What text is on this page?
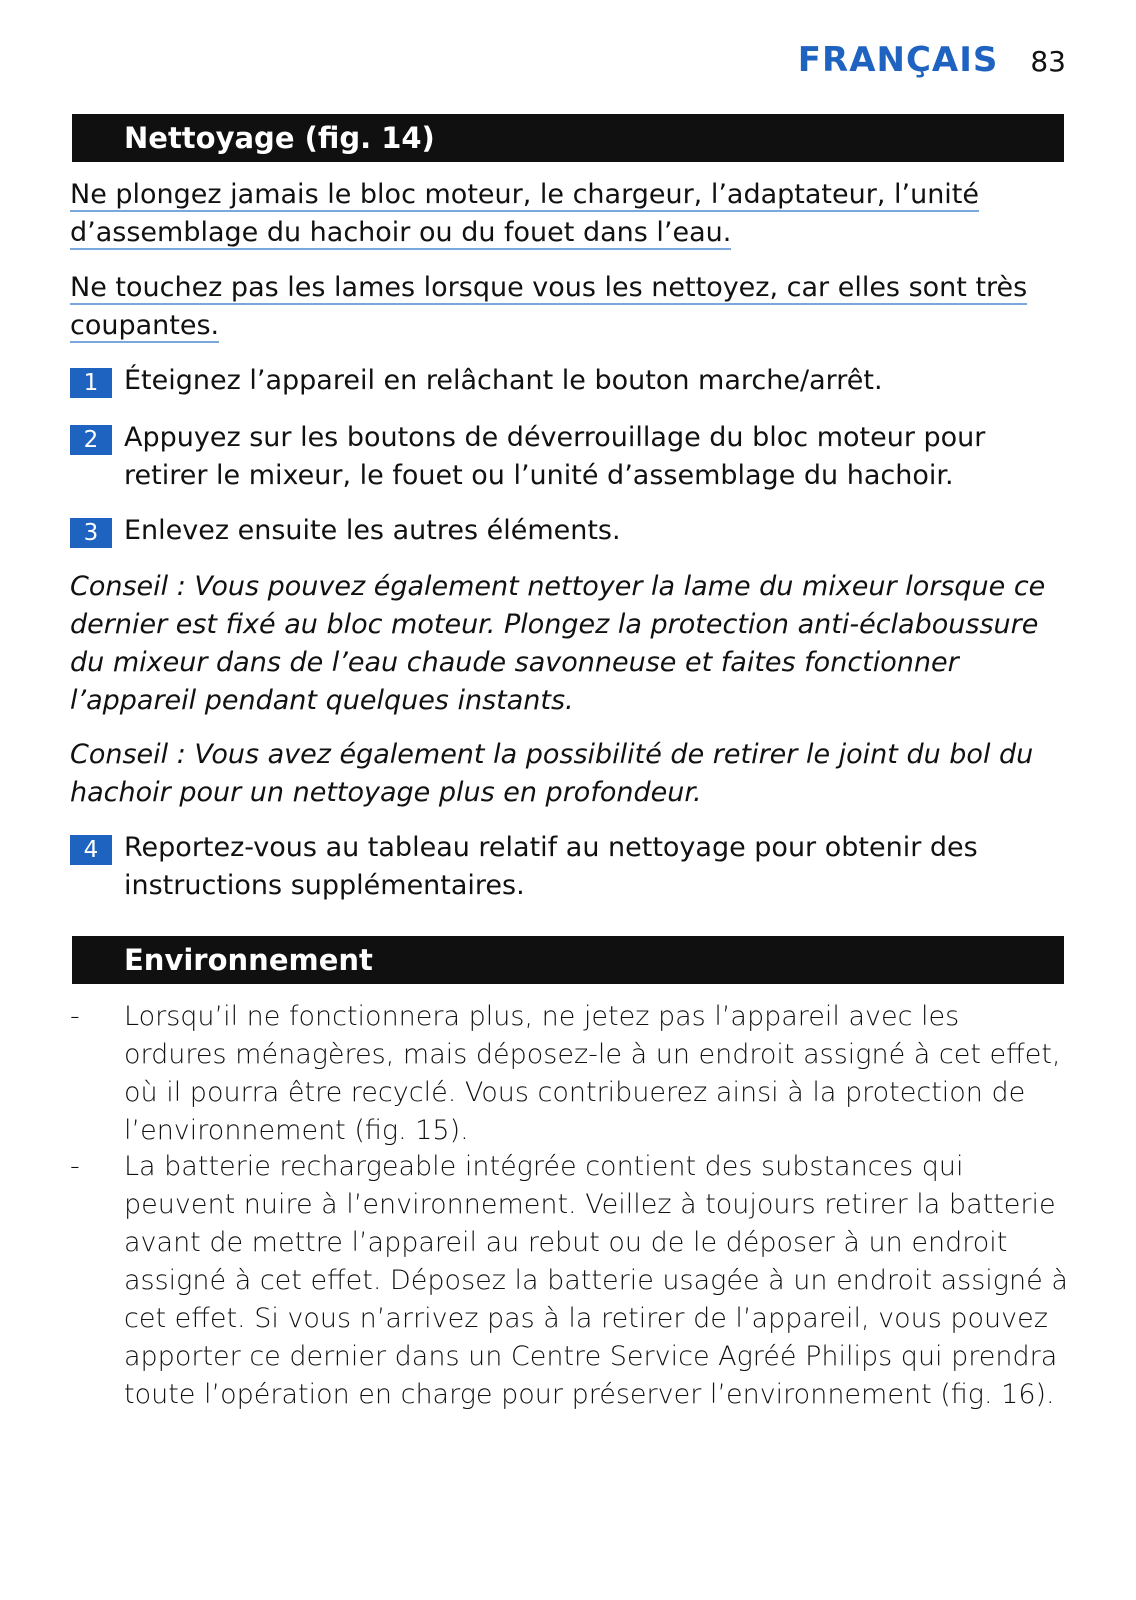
FRANÇAIS 83
Nettoyage (fig. 14)
Ne plongez jamais le bloc moteur, le chargeur, l’adaptateur, l’unité d’assemblage du hachoir ou du fouet dans l’eau.
Ne touchez pas les lames lorsque vous les nettoyez, car elles sont très coupantes.
1 Éteignez l’appareil en relâchant le bouton marche/arrêt.
2 Appuyez sur les boutons de déverrouillage du bloc moteur pour retirer le mixeur, le fouet ou l’unité d’assemblage du hachoir.
3 Enlevez ensuite les autres éléments.
Conseil : Vous pouvez également nettoyer la lame du mixeur lorsque ce dernier est fixé au bloc moteur. Plongez la protection anti-éclaboussure du mixeur dans de l’eau chaude savonneuse et faites fonctionner l’appareil pendant quelques instants.
Conseil : Vous avez également la possibilité de retirer le joint du bol du hachoir pour un nettoyage plus en profondeur.
4 Reportez-vous au tableau relatif au nettoyage pour obtenir des instructions supplémentaires.
Environnement
- Lorsqu’il ne fonctionnera plus, ne jetez pas l’appareil avec les ordures ménagères, mais déposez-le à un endroit assigné à cet effet, où il pourra être recyclé. Vous contribuerez ainsi à la protection de l’environnement (fig. 15).
- La batterie rechargeable intégrée contient des substances qui peuvent nuire à l’environnement. Veillez à toujours retirer la batterie avant de mettre l’appareil au rebut ou de le déposer à un endroit assigné à cet effet. Déposez la batterie usagée à un endroit assigné à cet effet. Si vous n’arrivez pas à la retirer de l’appareil, vous pouvez apporter ce dernier dans un Centre Service Agréé Philips qui prendra toute l’opération en charge pour préserver l’environnement (fig. 16).
